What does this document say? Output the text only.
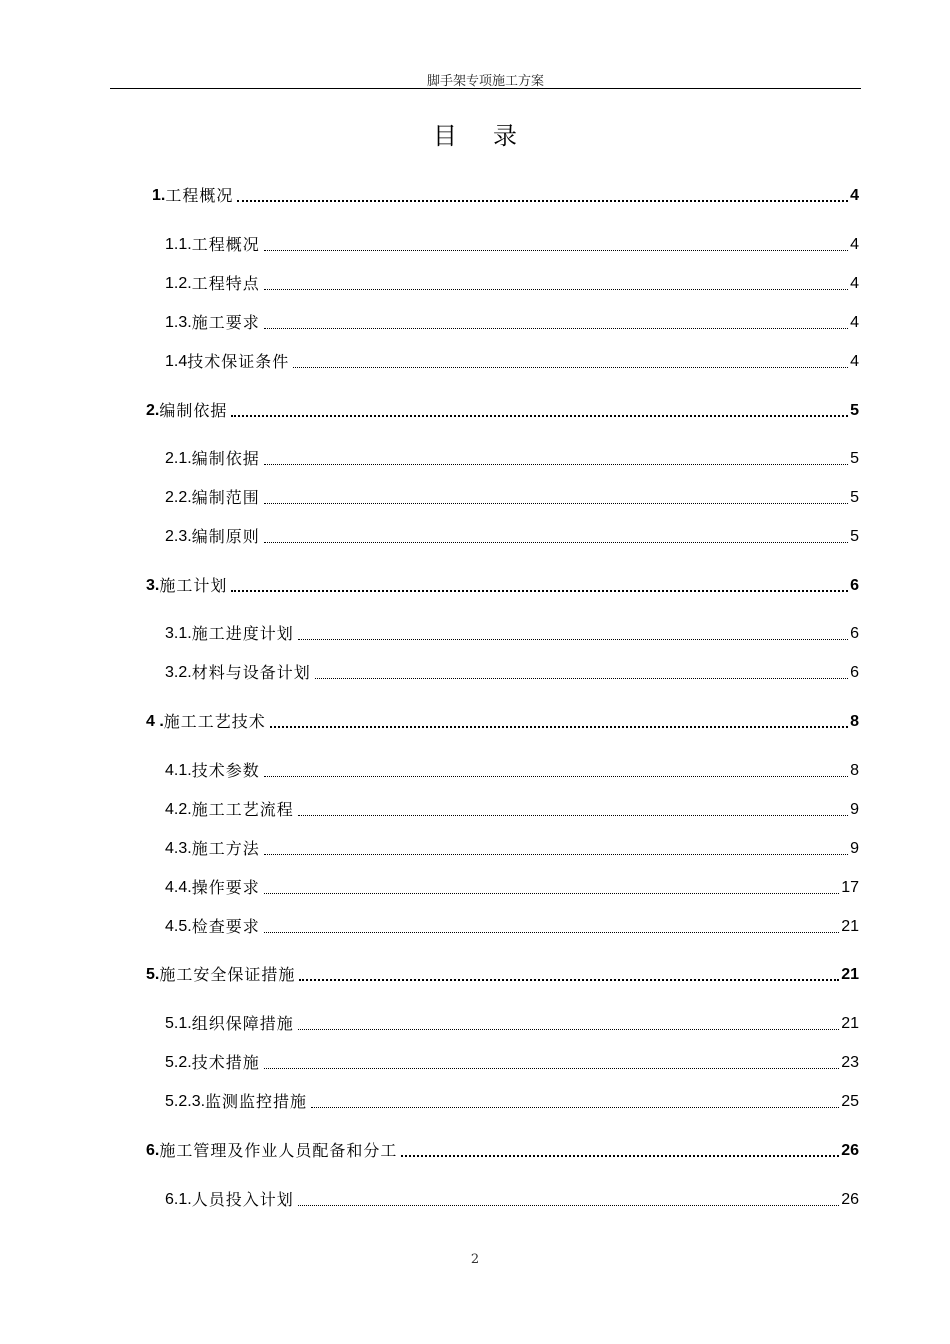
脚手架专项施工方案
目录
1. 工程概况	4
1.1. 工程概况	4
1.2. 工程特点	4
1.3. 施工要求	4
1.4 技术保证条件	4
2. 编制依据	5
2.1. 编制依据	5
2.2. 编制范围	5
2.3. 编制原则	5
3. 施工计划	6
3.1. 施工进度计划	6
3.2. 材料与设备计划	6
4 . 施工工艺技术	8
4.1. 技术参数	8
4.2. 施工工艺流程	9
4.3. 施工方法	9
4.4. 操作要求	17
4.5. 检查要求	21
5. 施工安全保证措施	21
5.1. 组织保障措施	21
5.2. 技术措施	23
5.2.3. 监测监控措施	25
6. 施工管理及作业人员配备和分工	26
6.1. 人员投入计划	26
2
